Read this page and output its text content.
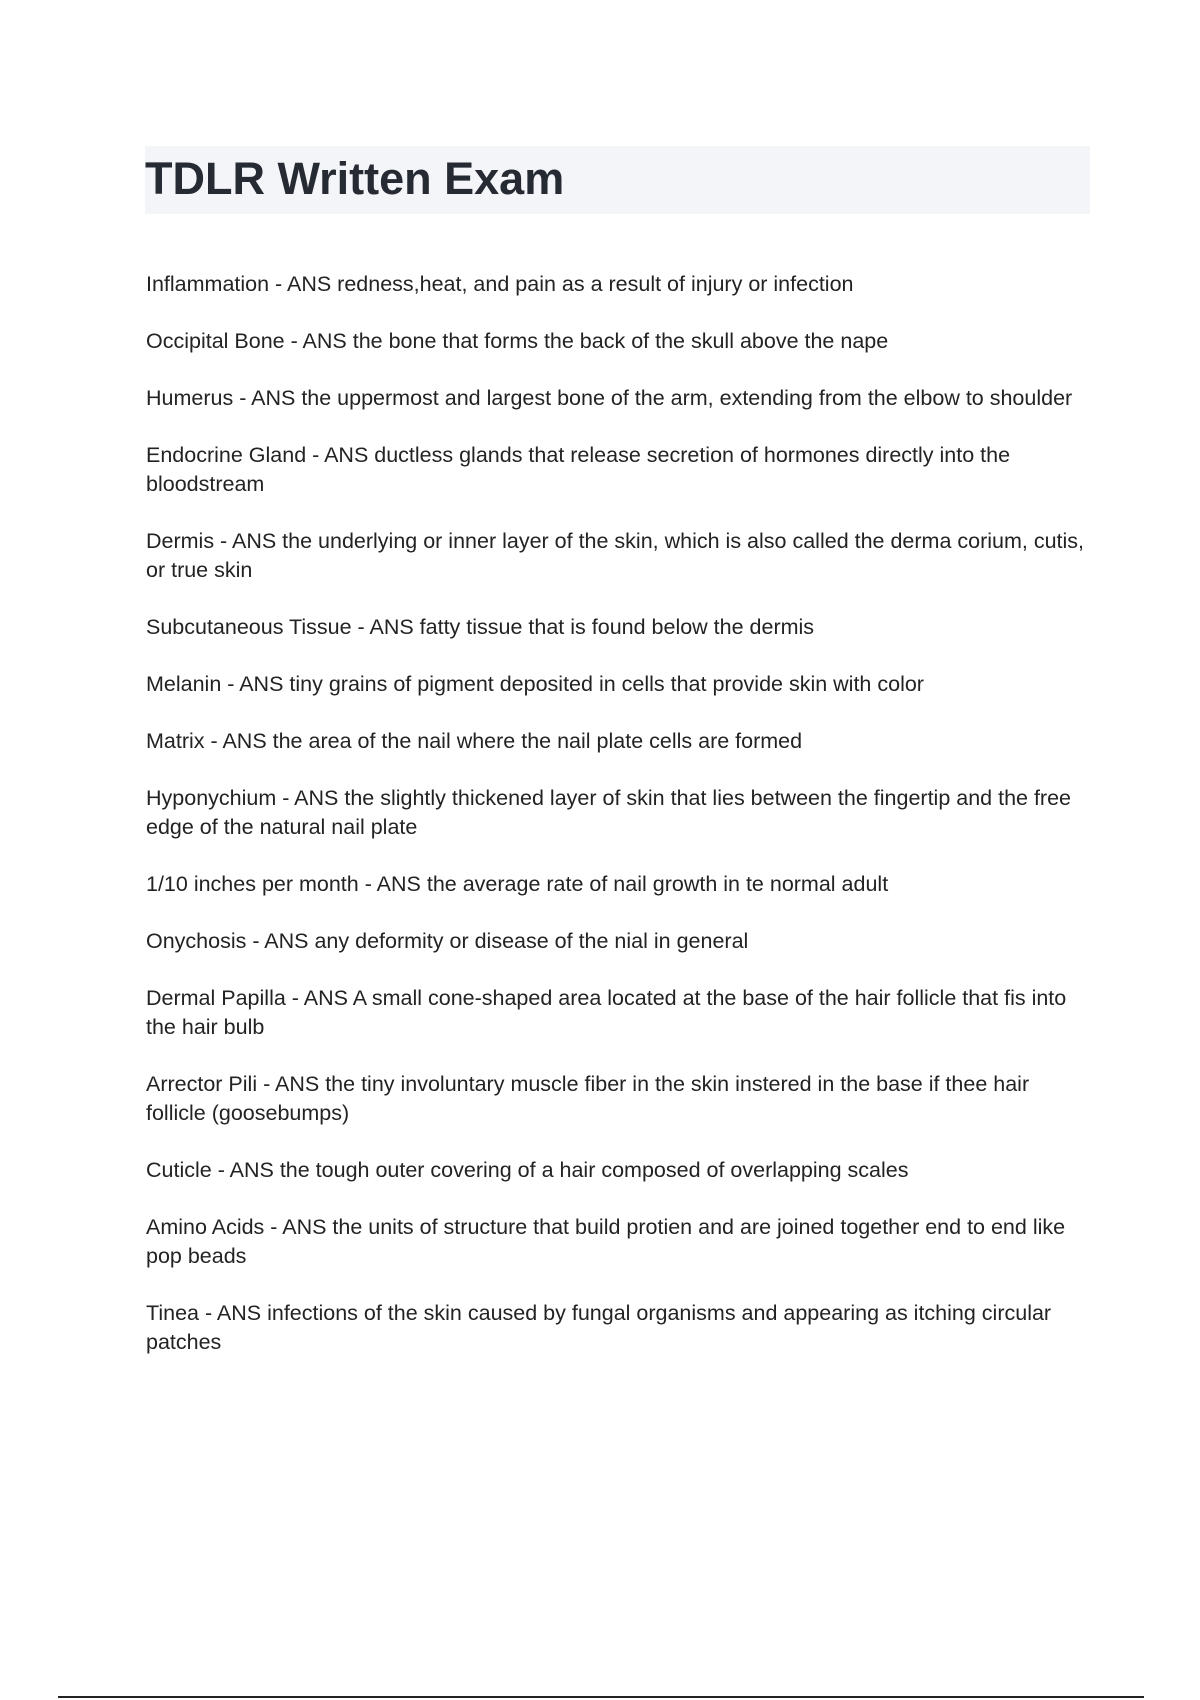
TDLR Written Exam

Inflammation - ANS redness,heat, and pain as a result of injury or infection

Occipital Bone - ANS the bone that forms the back of the skull above the nape

Humerus - ANS the uppermost and largest bone of the arm, extending from the elbow to shoulder

Endocrine Gland - ANS ductless glands that release secretion of hormones directly into the bloodstream

Dermis - ANS the underlying or inner layer of the skin, which is also called the derma corium, cutis, or true skin

Subcutaneous Tissue - ANS fatty tissue that is found below the dermis

Melanin - ANS tiny grains of pigment deposited in cells that provide skin with color

Matrix - ANS the area of the nail where the nail plate cells are formed

Hyponychium - ANS the slightly thickened layer of skin that lies between the fingertip and the free edge of the natural nail plate

1/10 inches per month - ANS the average rate of nail growth in te normal adult

Onychosis - ANS any deformity or disease of the nial in general

Dermal Papilla - ANS A small cone-shaped area located at the base of the hair follicle that fis into the hair bulb

Arrector Pili - ANS the tiny involuntary muscle fiber in the skin instered in the base if thee hair follicle (goosebumps)

Cuticle - ANS the tough outer covering of a hair composed of overlapping scales

Amino Acids - ANS the units of structure that build protien and are joined together end to end like pop beads

Tinea - ANS infections of the skin caused by fungal organisms and appearing as itching circular patches
